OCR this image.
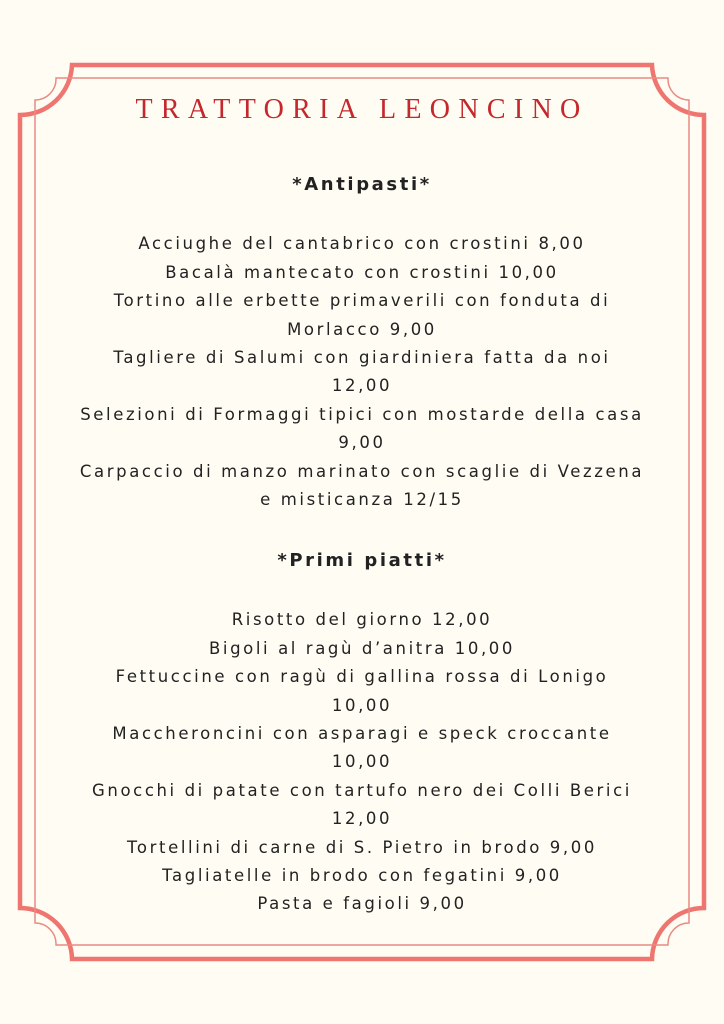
TRATTORIA LEONCINO
*Antipasti*
Acciughe del cantabrico con crostini 8,00
Bacalà mantecato con crostini 10,00
Tortino alle erbette primaverili con fonduta di
Morlacco 9,00
Tagliere di Salumi con giardiniera fatta da noi
12,00
Selezioni di Formaggi tipici con mostarde della casa
9,00
Carpaccio di manzo marinato con scaglie di Vezzena
e misticanza 12/15
*Primi piatti*
Risotto del giorno 12,00
Bigoli al ragù d’anitra 10,00
Fettuccine con ragù di gallina rossa di Lonigo
10,00
Maccheroncini con asparagi e speck croccante
10,00
Gnocchi di patate con tartufo nero dei Colli Berici
12,00
Tortellini di carne di S. Pietro in brodo 9,00
Tagliatelle in brodo con fegatini 9,00
Pasta e fagioli 9,00
